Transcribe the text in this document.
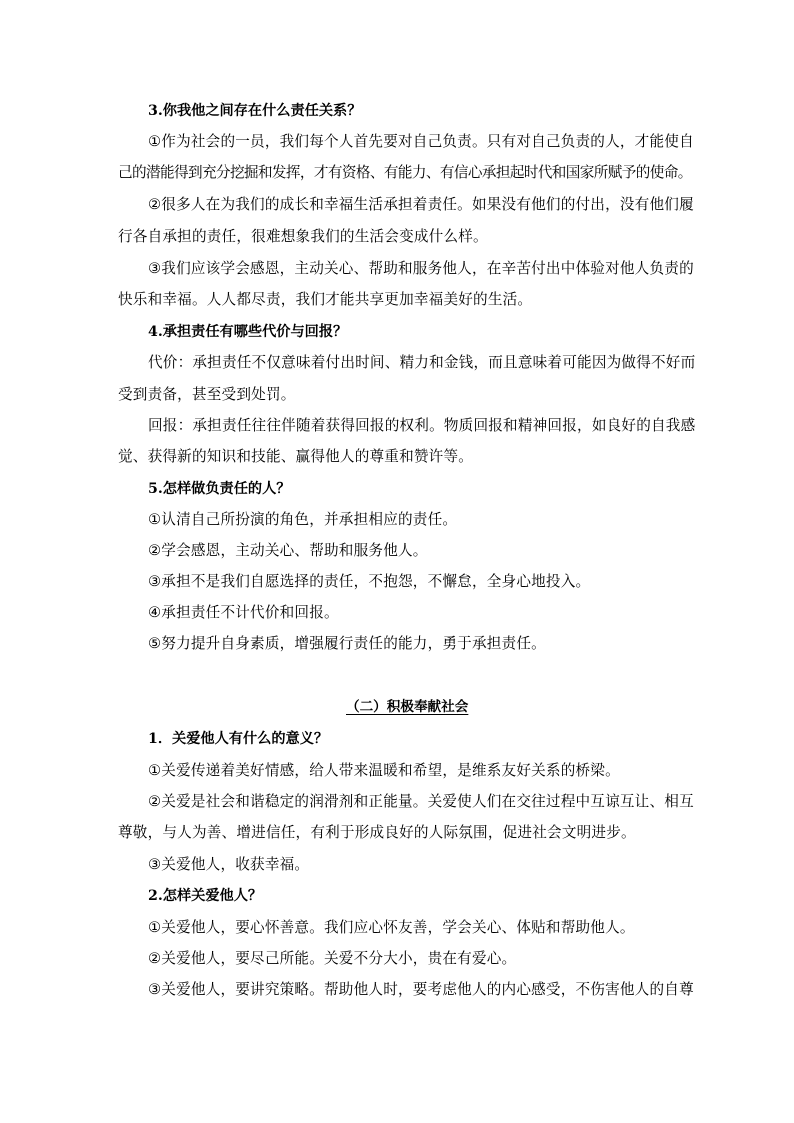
3.你我他之间存在什么责任关系？
①作为社会的一员，我们每个人首先要对自己负责。只有对自己负责的人，才能使自
己的潜能得到充分挖掘和发挥，才有资格、有能力、有信心承担起时代和国家所赋予的使命。
②很多人在为我们的成长和幸福生活承担着责任。如果没有他们的付出，没有他们履
行各自承担的责任，很难想象我们的生活会变成什么样。
③我们应该学会感恩，主动关心、帮助和服务他人，在辛苦付出中体验对他人负责的
快乐和幸福。人人都尽责，我们才能共享更加幸福美好的生活。
4.承担责任有哪些代价与回报？
代价：承担责任不仅意味着付出时间、精力和金钱，而且意味着可能因为做得不好而
受到责备，甚至受到处罚。
回报：承担责任往往伴随着获得回报的权利。物质回报和精神回报，如良好的自我感
觉、获得新的知识和技能、赢得他人的尊重和赞许等。
5.怎样做负责任的人？
①认清自己所扮演的角色，并承担相应的责任。
②学会感恩，主动关心、帮助和服务他人。
③承担不是我们自愿选择的责任，不抱怨，不懈怠，全身心地投入。
④承担责任不计代价和回报。
⑤努力提升自身素质，增强履行责任的能力，勇于承担责任。
（二）积极奉献社会
1．关爱他人有什么的意义？
①关爱传递着美好情感，给人带来温暖和希望，是维系友好关系的桥梁。
②关爱是社会和谐稳定的润滑剂和正能量。关爱使人们在交往过程中互谅互让、相互
尊敬，与人为善、增进信任，有利于形成良好的人际氛围，促进社会文明进步。
③关爱他人，收获幸福。
2.怎样关爱他人？
①关爱他人，要心怀善意。我们应心怀友善，学会关心、体贴和帮助他人。
②关爱他人，要尽己所能。关爱不分大小，贵在有爱心。
③关爱他人，要讲究策略。帮助他人时，要考虑他人的内心感受，不伤害他人的自尊
